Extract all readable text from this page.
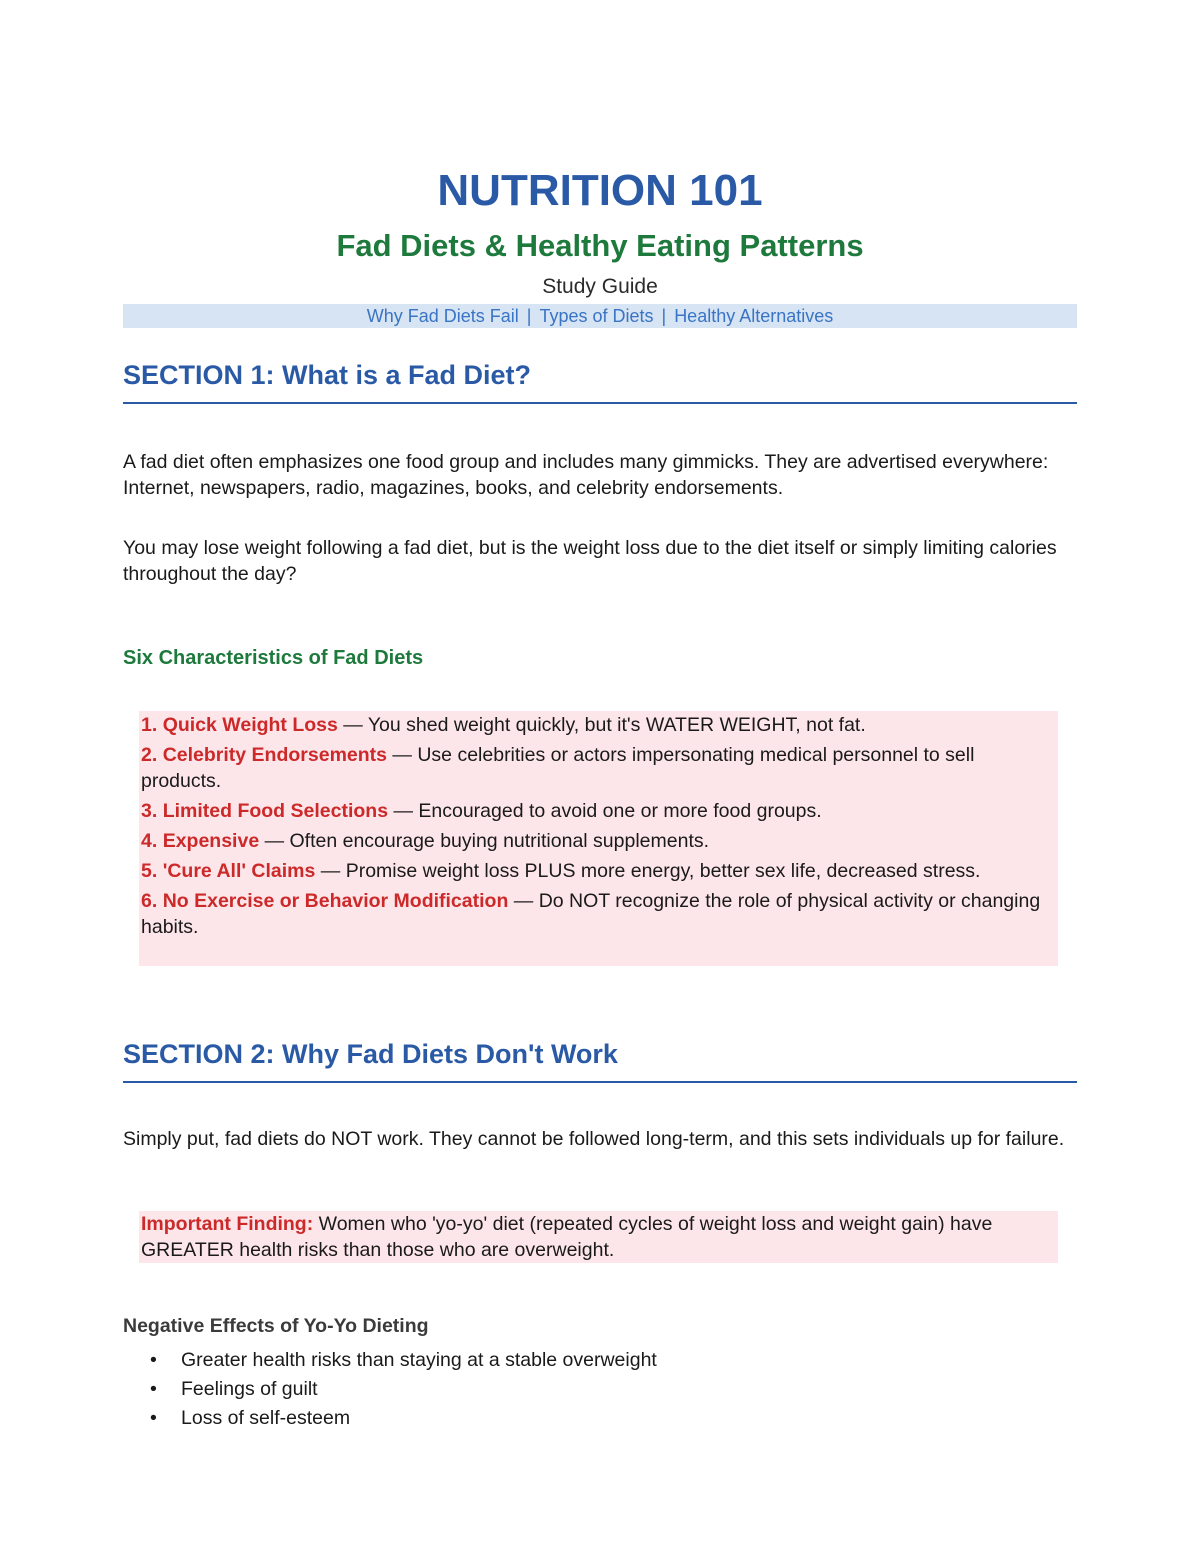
NUTRITION 101
Fad Diets & Healthy Eating Patterns
Study Guide
Why Fad Diets Fail | Types of Diets | Healthy Alternatives
SECTION 1: What is a Fad Diet?

A fad diet often emphasizes one food group and includes many gimmicks. They are advertised everywhere: Internet, newspapers, radio, magazines, books, and celebrity endorsements.

You may lose weight following a fad diet, but is the weight loss due to the diet itself or simply limiting calories throughout the day?

Six Characteristics of Fad Diets
1. Quick Weight Loss — You shed weight quickly, but it's WATER WEIGHT, not fat.
2. Celebrity Endorsements — Use celebrities or actors impersonating medical personnel to sell products.
3. Limited Food Selections — Encouraged to avoid one or more food groups.
4. Expensive — Often encourage buying nutritional supplements.
5. 'Cure All' Claims — Promise weight loss PLUS more energy, better sex life, decreased stress.
6. No Exercise or Behavior Modification — Do NOT recognize the role of physical activity or changing habits.
SECTION 2: Why Fad Diets Don't Work

Simply put, fad diets do NOT work. They cannot be followed long-term, and this sets individuals up for failure.

Important Finding: Women who 'yo-yo' diet (repeated cycles of weight loss and weight gain) have GREATER health risks than those who are overweight.

Negative Effects of Yo-Yo Dieting
• Greater health risks than staying at a stable overweight
• Feelings of guilt
• Loss of self-esteem
